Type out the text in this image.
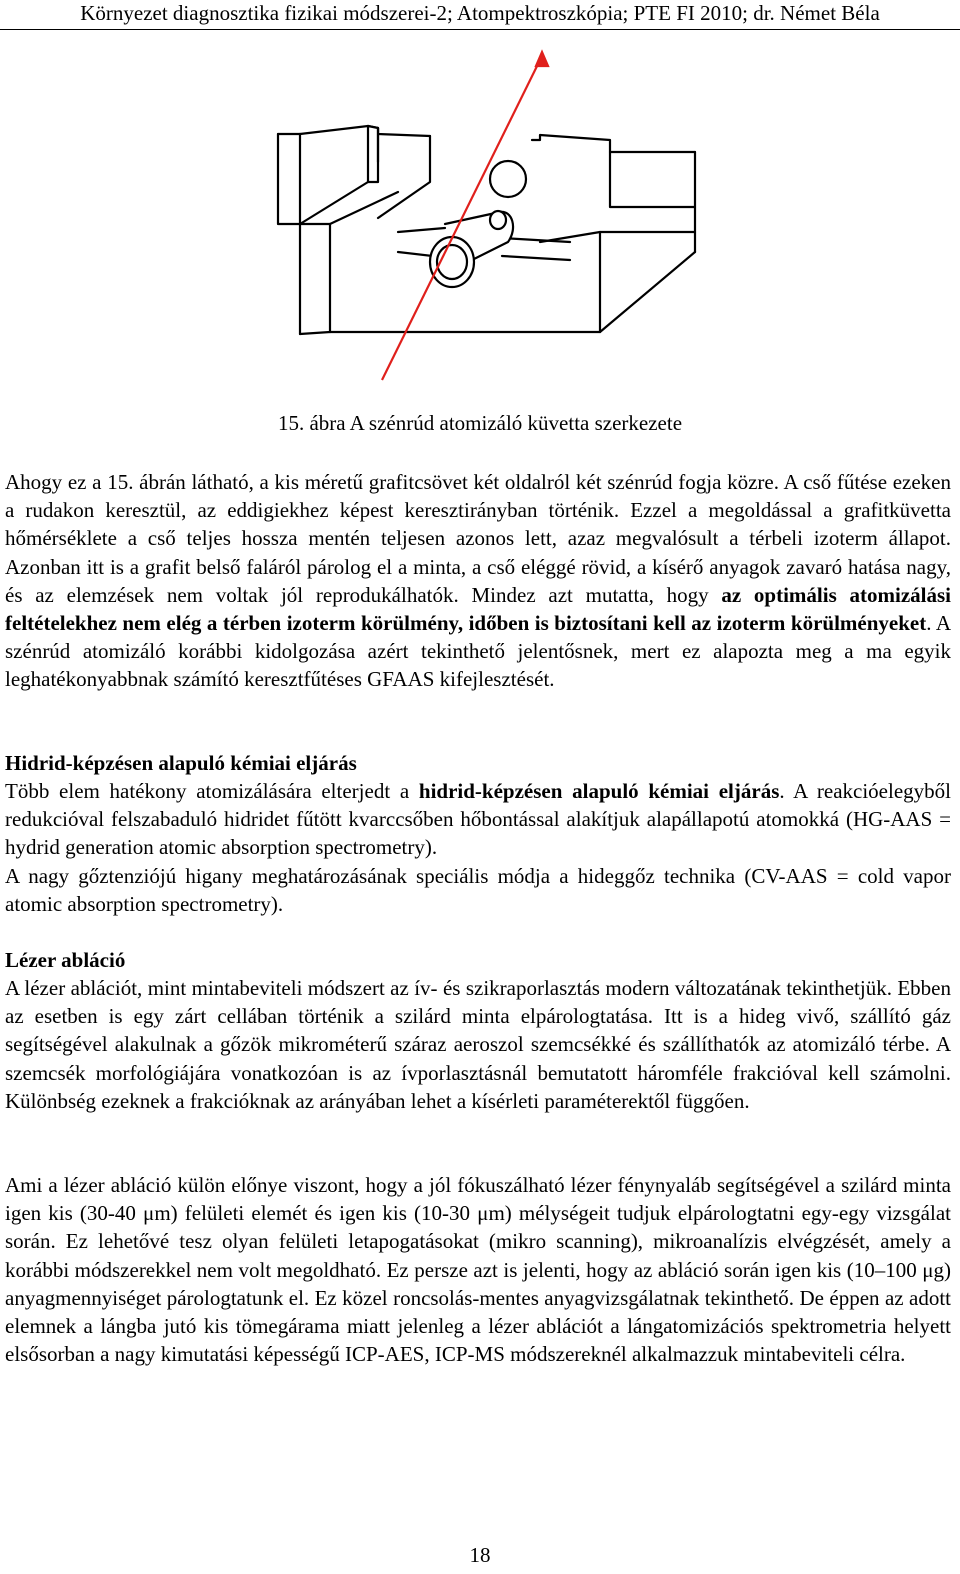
Környezet diagnosztika fizikai módszerei-2; Atompektroszkópia; PTE FI 2010; dr. Német Béla
15. ábra A szénrúd atomizáló küvetta szerkezete

Ahogy ez a 15. ábrán látható, a kis méretű grafitcsövet két oldalról két szénrúd fogja közre. A cső fűtése ezeken a rudakon keresztül, az eddigiekhez képest keresztirányban történik. Ezzel a megoldással a grafitküvetta hőmérséklete a cső teljes hossza mentén teljesen azonos lett, azaz megvalósult a térbeli izoterm állapot. Azonban itt is a grafit belső faláról párolog el a minta, a cső eléggé rövid, a kísérő anyagok zavaró hatása nagy, és az elemzések nem voltak jól reprodukálhatók. Mindez azt mutatta, hogy az optimális atomizálási feltételekhez nem elég a térben izoterm körülmény, időben is biztosítani kell az izoterm körülményeket. A szénrúd atomizáló korábbi kidolgozása azért tekinthető jelentősnek, mert ez alapozta meg a ma egyik leghatékonyabbnak számító keresztfűtéses GFAAS kifejlesztését.

Hidrid-képzésen alapuló kémiai eljárás

Több elem hatékony atomizálására elterjedt a hidrid-képzésen alapuló kémiai eljárás. A reakcióelegyből redukcióval felszabaduló hidridet fűtött kvarccsőben hőbontással alakítjuk alapállapotú atomokká (HG-AAS = hydrid generation atomic absorption spectrometry).

A nagy gőztenziójú higany meghatározásának speciális módja a hideggőz technika (CV-AAS = cold vapor atomic absorption spectrometry).

Lézer abláció

A lézer ablációt, mint mintabeviteli módszert az ív- és szikraporlasztás modern változatának tekinthetjük. Ebben az esetben is egy zárt cellában történik a szilárd minta elpárologtatása. Itt is a hideg vivő, szállító gáz segítségével alakulnak a gőzök mikrométerű száraz aeroszol szemcsékké és szállíthatók az atomizáló térbe. A szemcsék morfológiájára vonatkozóan is az ívporlasztásnál bemutatott háromféle frakcióval kell számolni. Különbség ezeknek a frakcióknak az arányában lehet a kísérleti paraméterektől függően.

Ami a lézer abláció külön előnye viszont, hogy a jól fókuszálható lézer fénynyaláb segítségével a szilárd minta igen kis (30-40 μm) felületi elemét és igen kis (10-30 μm) mélységeit tudjuk elpárologtatni egy-egy vizsgálat során. Ez lehetővé tesz olyan felületi letapogatásokat (mikro scanning), mikroanalízis elvégzését, amely a korábbi módszerekkel nem volt megoldható. Ez persze azt is jelenti, hogy az abláció során igen kis (10–100 μg) anyagmennyiséget párologtatunk el. Ez közel roncsolás-mentes anyagvizsgálatnak tekinthető. De éppen az adott elemnek a lángba jutó kis tömegárama miatt jelenleg a lézer ablációt a lángatomizációs spektrometria helyett elsősorban a nagy kimutatási képességű ICP-AES, ICP-MS módszereknél alkalmazzuk mintabeviteli célra.

18
